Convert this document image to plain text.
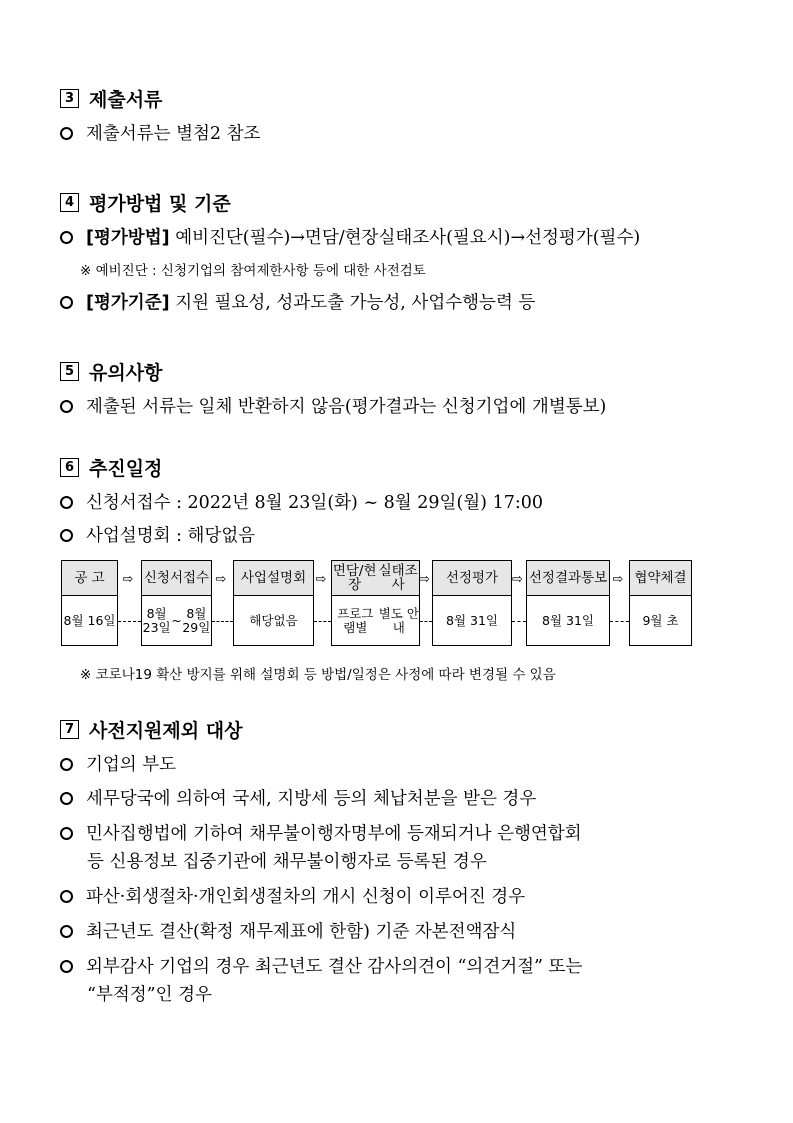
3 제출서류
제출서류는 별첨2 참조
4 평가방법 및 기준
[평가방법] 예비진단(필수)→면담/현장실태조사(필요시)→선정평가(필수)
※ 예비진단 : 신청기업의 참여제한사항 등에 대한 사전검토
[평가기준] 지원 필요성, 성과도출 가능성, 사업수행능력 등
5 유의사항
제출된 서류는 일체 반환하지 않음(평가결과는 신청기업에 개별통보)
6 추진일정
신청서접수 : 2022년 8월 23일(화) ~ 8월 29일(월) 17:00
사업설명회 : 해당없음
공 고
8월 16일
⇨ 신청서 접수
8월 23일 ~ 8월 29일
⇨ 사업 설명회
해당없음
⇨
면담/현장

실태조사
프로그램별

별도 안내
⇨ 선정평가
8월 31일
⇨ 선정결과 통보
8월 31일
⇨ 협약 체결
9월 초
※ 코로나19 확산 방지를 위해 설명회 등 방법/일정은 사정에 따라 변경될 수 있음
7 사전지원제외 대상
기업의 부도
세무당국에 의하여 국세, 지방세 등의 체납처분을 받은 경우
민사집행법에 기하여 채무불이행자명부에 등재되거나 은행연합회
등 신용정보 집중기관에 채무불이행자로 등록된 경우
파산·회생절차·개인회생절차의 개시 신청이 이루어진 경우
최근년도 결산(확정 재무제표에 한함) 기준 자본전액잠식
외부감사 기업의 경우 최근년도 결산 감사의견이 “의견거절” 또는
“부적정”인 경우
